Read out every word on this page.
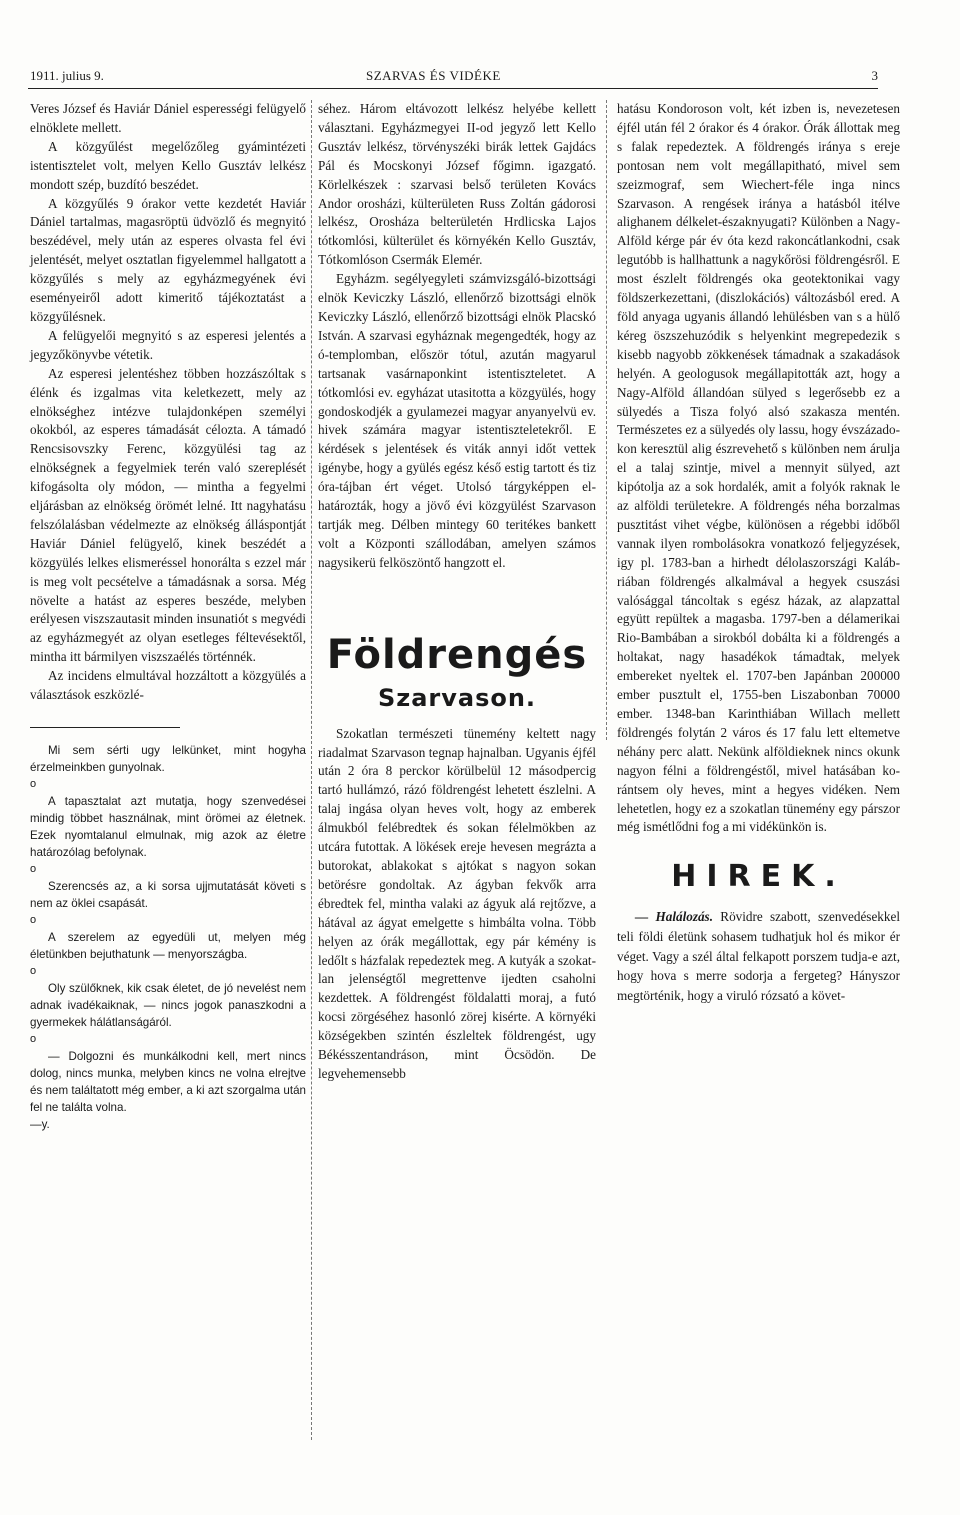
1911. julius 9.	SZARVAS ÉS VIDÉKE	3

Veres József és Haviár Dániel esperességi felügyelő elnöklete mellett.

A közgyűlést megelőzőleg gyámintézeti istentisztelet volt, melyen Kello Gusztáv lelkész mondott szép, buzdító beszédet.

A közgyűlés 9 órakor vette kezdetét Haviár Dániel tartalmas, magasröptü üdvözlő és megnyitó beszédével, mely után az esperes olvasta fel évi jelentését, melyet osztatlan figyelemmel hallgatott a közgyűlés s mely az egyházmegyének évi eseményeiről adott kimeritő tájékoztatást a közgyűlésnek.

A felügyelői megnyitó s az esperesi jelentés a jegyzőkönyvbe vétetik.

Az esperesi jelentéshez többen hozzászóltak s élénk és izgalmas vita keletkezett, mely az elnökséghez intézve tulajdonképen személyi okokból, az esperes támadását célozta. A támadó Rencsisovszky Ferenc, közgyülési tag az elnökségnek a fegyelmiek terén való szereplését kifogásolta oly módon, — mintha a fegyelmi eljárásban az elnökség örömét lelné. Itt nagyhatásu felszólalásban védelmezte az elnökség álláspontját Haviár Dániel felügyelő, kinek beszédét a közgyülés lelkes elismeréssel honorálta s ezzel már is meg volt pecsételve a támadásnak a sorsa. Még növelte a hatást az esperes beszéde, melyben erélyesen viszszautasit minden insunatiót s megvédi az egyházmegyét az olyan esetleges féltevésektől, mintha itt bármilyen viszszaélés történnék.

Az incidens elmultával hozzáltott a közgyülés a választások eszközlé-

Mi sem sérti ugy lelkünket, mint hogyha érzelmeinkben gunyolnak.

o

A tapasztalat azt mutatja, hogy szenvedései mindig többet használnak, mint örömei az életnek. Ezek nyomtalanul elmulnak, mig azok az életre határozólag befolynak.

o

Szerencsés az, a ki sorsa ujjmutatását követi s nem az öklei csapását.

o

A szerelem az egyedüli ut, melyen még életünkben bejuthatunk — menyországba.

o

Oly szülőknek, kik csak életet, de jó nevelést nem adnak ivadékaiknak, — nincs jogok panaszkodni a gyermekek hálátlanságáról.

o

— Dolgozni és munkálkodni kell, mert nincs dolog, nincs munka, melyben kincs ne volna elrejtve és nem találtatott még ember, a ki azt szorgalma után fel ne találta volna.

—y.

séhez. Három eltávozott lelkész helyébe kellett választani. Egyházmegyei II-od jegyző lett Kello Gusztáv lelkész, törvényszéki birák lettek Gajdács Pál és Mocskonyi József főgimn. igazgató. Körlelkészek : szarvasi belső területen Kovács Andor orosházi, külterületen Russ Zoltán gádorosi lelkész, Orosháza belterületén Hrdlicska Lajos tótkomlósi, külterület és környékén Kello Gusztáv, Tótkomlóson Csermák Elemér.

Egyházm. segélyegyleti számvizsgáló-bizottsági elnök Keviczky László, ellenőrző bizottsági elnök Keviczky László, ellenőrző bizottsági elnök Placskó István. A szarvasi egyháznak megengedték, hogy az ó-templomban, először tótul, azután magyarul tartsanak vasárnaponkint istentiszteletet. A tótkomlósi ev. egyházat utasitotta a közgyülés, hogy gondoskodjék a gyulamezei magyar anyanyelvü ev. hivek számára magyar istentiszteletekről. E kérdések s jelentések és viták annyi időt vettek igénybe, hogy a gyülés egész késő estig tartott és tiz óra-tájban ért véget. Utolsó tárgyképpen elhatározták, hogy a jövő évi közgyülést Szarvason tartják meg. Délben mintegy 60 teritékes bankett volt a Központi szállodában, amelyen számos nagysikerü felköszöntő hangzott el.

Földrengés
Szarvason.

Szokatlan természeti tünemény keltett nagy riadalmat Szarvason tegnap hajnalban. Ugyanis éjfél után 2 óra 8 perckor körülbelül 12 másodpercig tartó hullámzó, rázó földrengést lehetett észlelni. A talaj ingása olyan heves volt, hogy az emberek álmukból felébredtek és sokan félelmökben az utcára futottak. A lökések ereje hevesen megrázta a butorokat, ablakokat s ajtókat s nagyon sokan betörésre gondoltak. Az ágyban fekvők arra ébredtek fel, mintha valaki az ágyuk alá rejtőzve, a hátával az ágyat emelgette s himbálta volna. Több helyen az órák megállottak, egy pár kémény is ledőlt s házfalak repedeztek meg. A kutyák a szokatlan jelenségtől megrettenve ijedten csaholni kezdettek. A földrengést földalatti moraj, a futó kocsi zörgéséhez hasonló zörej kisérte. A környéki községekben szintén észleltek földrengést, ugy Békésszentandráson, mint Öcsödön. De legvehemensebb

hatásu Kondoroson volt, két izben is, nevezetesen éjfél után fél 2 órakor és 4 órakor. Órák állottak meg s falak repedeztek. A földrengés iránya s ereje pontosan nem volt megállapitható, mivel sem szeizmograf, sem Wiechert-féle inga nincs Szarvason. A rengések iránya a hatásból itélve alighanem délkelet-északnyugati? Különben a Nagy-Alföld kérge pár év óta kezd rakoncátlankodni, csak legutóbb is hallhattunk a nagykőrösi földrengésről. E most észlelt földrengés oka geotektonikai vagy földszerkezettani, (diszlokációs) változásból ered. A föld anyaga ugyanis állandó lehülésben van s a hülő kéreg öszszehuzódik s helyenkint megrepedezik s kisebb nagyobb zökkenések támadnak a szakadások helyén. A geologusok megállapitották azt, hogy a Nagy-Alföld állandóan sülyed s legerősebb ez a sülyedés a Tisza folyó alsó szakasza mentén. Természetes ez a sülyedés oly lassu, hogy évszázadokon keresztül alig észrevehető s különben nem árulja el a talaj szintje, mivel a mennyit sülyed, azt kipótolja az a sok hordalék, amit a folyók raknak le az alföldi területekre. A földrengés néha borzalmas pusztitást vihet végbe, különösen a régebbi időből vannak ilyen rombolásokra vonatkozó feljegyzések, igy pl. 1783-ban a hirhedt délolaszországi Kalábriában földrengés alkalmával a hegyek csuszási valósággal táncoltak s egész házak, az alapzattal együtt repültek a magasba. 1797-ben a délamerikai Rio-Bambában a sirokból dobálta ki a földrengés a holtakat, nagy hasadékok támadtak, melyek embereket nyeltek el. 1707-ben Japánban 200000 ember pusztult el, 1755-ben Liszabonban 70000 ember. 1348-ban Karinthiában Willach mellett földrengés folytán 2 város és 17 falu lett eltemetve néhány perc alatt. Nekünk alföldieknek nincs okunk nagyon félni a földrengéstől, mivel hatásában korántsem oly heves, mint a hegyes vidéken. Nem lehetetlen, hogy ez a szokatlan tünemény egy párszor még ismétlődni fog a mi vidékünkön is.

HIREK.

— Halálozás. Rövidre szabott, szenvedésekkel teli földi életünk sohasem tudhatjuk hol és mikor ér véget. Vagy a szél által felkapott porszem tudja-e azt, hogy hova s merre sodorja a fergeteg? Hányszor megtörténik, hogy a viruló rózsató a követ-
